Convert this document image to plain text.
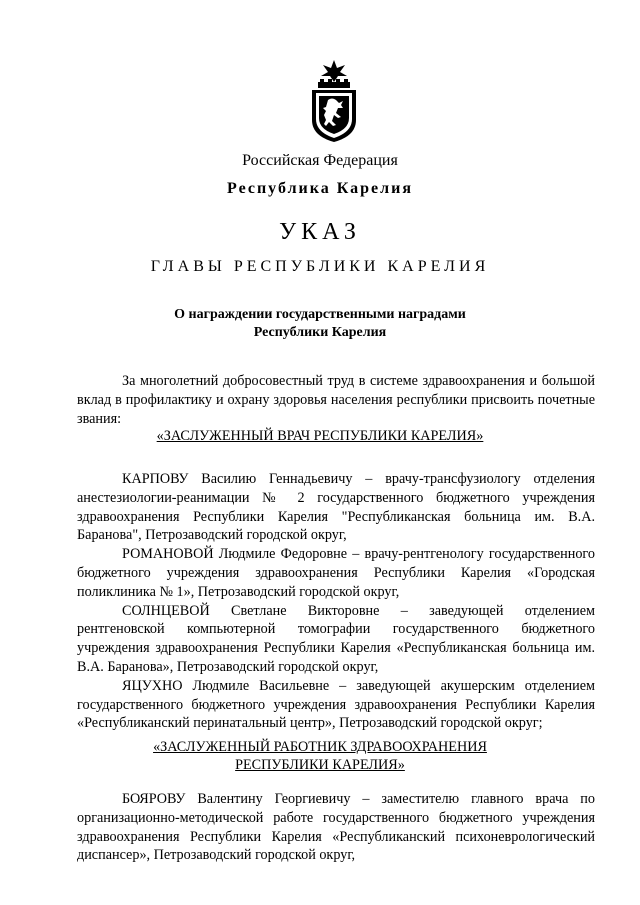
Российская Федерация
Республика Карелия
УКАЗ
ГЛАВЫ РЕСПУБЛИКИ КАРЕЛИЯ
О награждении государственными наградами
Республики Карелия
За многолетний добросовестный труд в системе здравоохранения и большой вклад в профилактику и охрану здоровья населения республики присвоить почетные звания:
«ЗАСЛУЖЕННЫЙ ВРАЧ РЕСПУБЛИКИ КАРЕЛИЯ»
КАРПОВУ Василию Геннадьевичу – врачу-трансфузиологу отделения анестезиологии-реанимации № 2 государственного бюджетного учреждения здравоохранения Республики Карелия "Республиканская больница им. В.А. Баранова", Петрозаводский городской округ,
РОМАНОВОЙ Людмиле Федоровне – врачу-рентгенологу государственного бюджетного учреждения здравоохранения Республики Карелия «Городская поликлиника № 1», Петрозаводский городской округ,
СОЛНЦЕВОЙ Светлане Викторовне – заведующей отделением рентгеновской компьютерной томографии государственного бюджетного учреждения здравоохранения Республики Карелия «Республиканская больница им. В.А. Баранова», Петрозаводский городской округ,
ЯЦУХНО Людмиле Васильевне – заведующей акушерским отделением государственного бюджетного учреждения здравоохранения Республики Карелия «Республиканский перинатальный центр», Петрозаводский городской округ;
«ЗАСЛУЖЕННЫЙ РАБОТНИК ЗДРАВООХРАНЕНИЯ
РЕСПУБЛИКИ КАРЕЛИЯ»
БОЯРОВУ Валентину Георгиевичу – заместителю главного врача по организационно-методической работе государственного бюджетного учреждения здравоохранения Республики Карелия «Республиканский психоневрологический диспансер», Петрозаводский городской округ,
